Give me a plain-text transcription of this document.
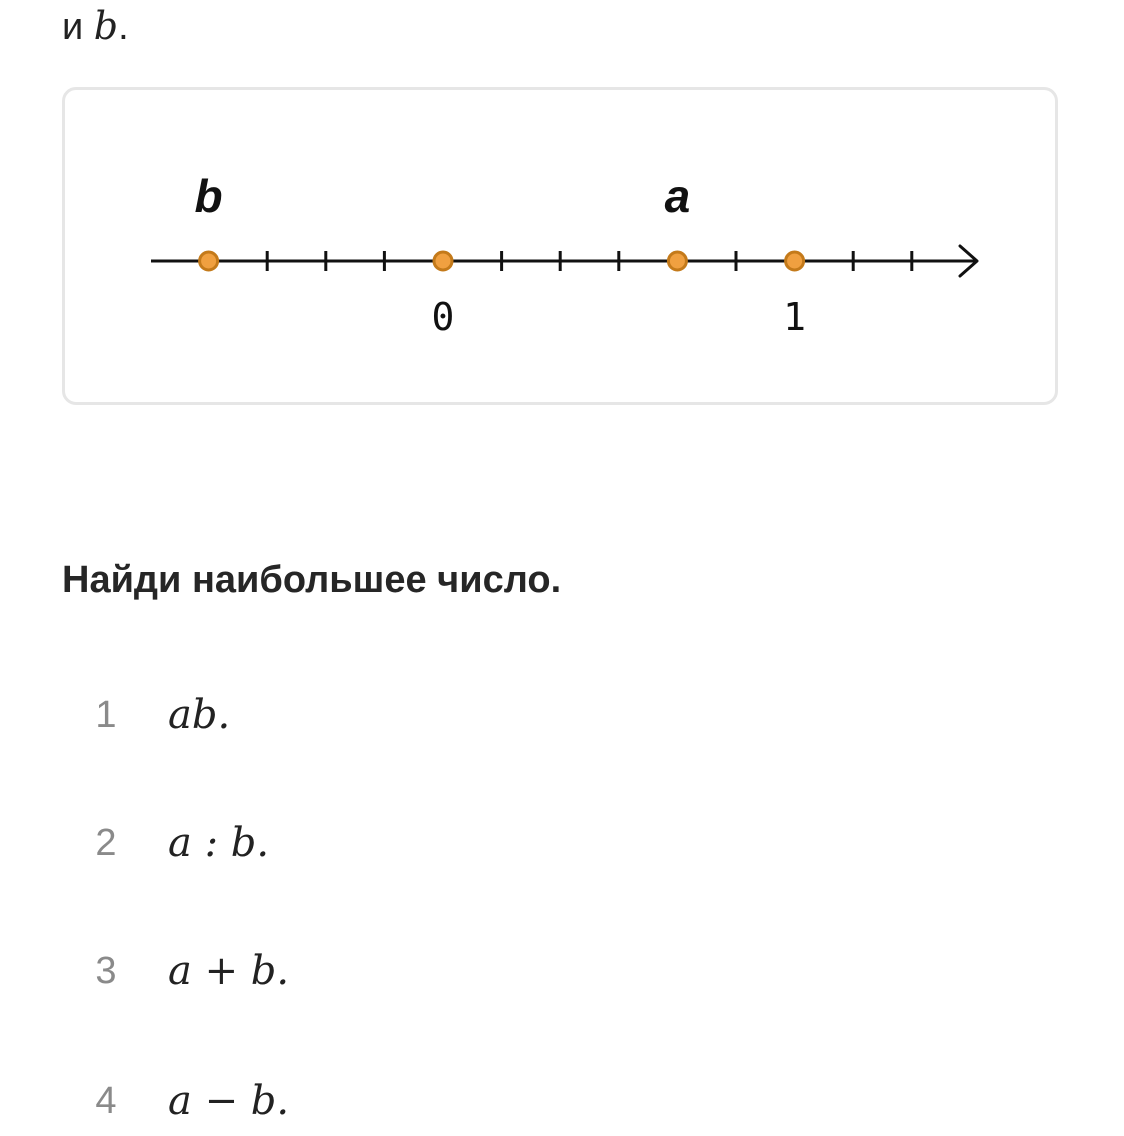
и b.

b	a
0	1
Найди наибольшее число.
1 ab.
2 a : b.
3 a + b.
4 a − b.
